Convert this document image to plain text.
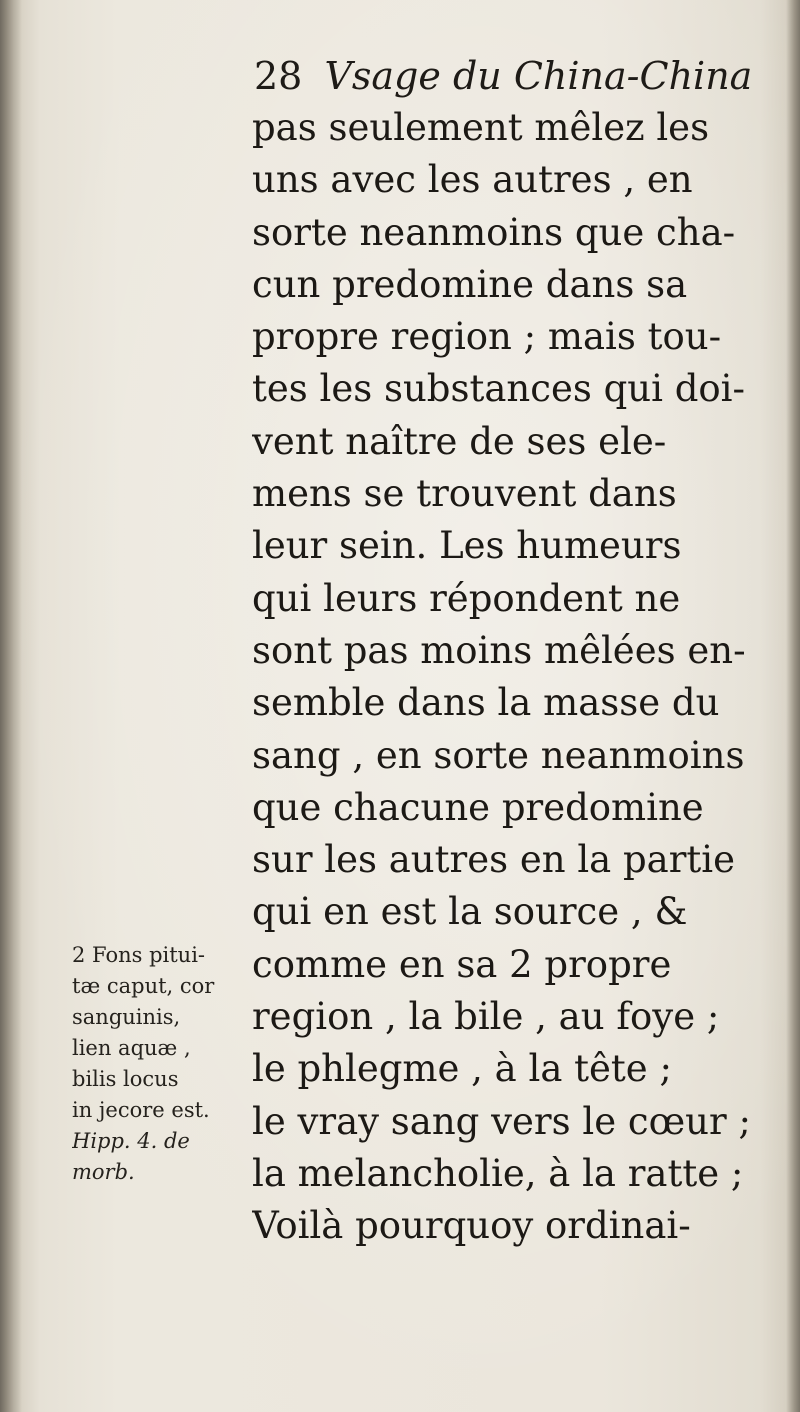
28 Vsage du China-China
pas seulement mêlez les
uns avec les autres , en
sorte neanmoins que cha-
cun predomine dans sa
propre region ; mais tou-
tes les substances qui doi-
vent naître de ses ele-
mens se trouvent dans
leur sein. Les humeurs
qui leurs répondent ne
sont pas moins mêlées en-
semble dans la masse du
sang , en sorte neanmoins
que chacune predomine
sur les autres en la partie
qui en est la source , &
comme en sa 2 propre
region , la bile , au foye ;
le phlegme , à la tête ;
le vray sang vers le cœur ;
la melancholie, à la ratte ;
Voilà pourquoy ordinai-
2 Fons pitui-
tæ caput, cor
sanguinis,
lien aquæ ,
bilis locus
in jecore est.
Hipp. 4. de
morb.
